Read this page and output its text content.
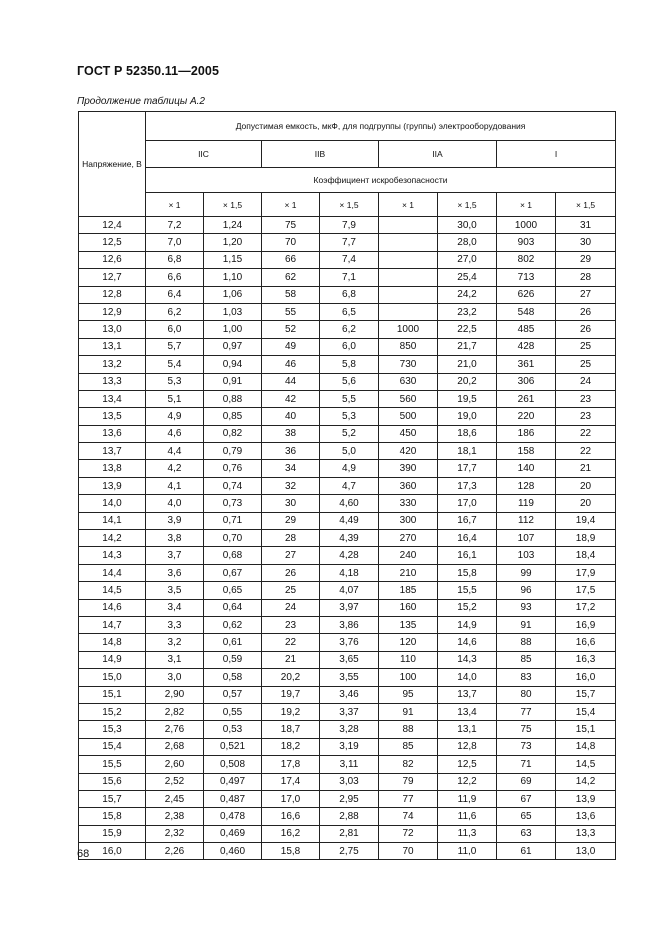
ГОСТ Р 52350.11—2005
Продолжение таблицы А.2
Напряжение, В	Допустимая емкость, мкФ, для подгруппы (группы) электрооборудования							
	IIC		IIB		IIA		I	
	Коэффициент искробезопасности							
	× 1	× 1,5	× 1	× 1,5	× 1	× 1,5	× 1	× 1,5
12,4	7,2	1,24	75	7,9		30,0	1000	31
12,5	7,0	1,20	70	7,7		28,0	903	30
12,6	6,8	1,15	66	7,4		27,0	802	29
12,7	6,6	1,10	62	7,1		25,4	713	28
12,8	6,4	1,06	58	6,8		24,2	626	27
12,9	6,2	1,03	55	6,5		23,2	548	26
13,0	6,0	1,00	52	6,2	1000	22,5	485	26
13,1	5,7	0,97	49	6,0	850	21,7	428	25
13,2	5,4	0,94	46	5,8	730	21,0	361	25
13,3	5,3	0,91	44	5,6	630	20,2	306	24
13,4	5,1	0,88	42	5,5	560	19,5	261	23
13,5	4,9	0,85	40	5,3	500	19,0	220	23
13,6	4,6	0,82	38	5,2	450	18,6	186	22
13,7	4,4	0,79	36	5,0	420	18,1	158	22
13,8	4,2	0,76	34	4,9	390	17,7	140	21
13,9	4,1	0,74	32	4,7	360	17,3	128	20
14,0	4,0	0,73	30	4,60	330	17,0	119	20
14,1	3,9	0,71	29	4,49	300	16,7	112	19,4
14,2	3,8	0,70	28	4,39	270	16,4	107	18,9
14,3	3,7	0,68	27	4,28	240	16,1	103	18,4
14,4	3,6	0,67	26	4,18	210	15,8	99	17,9
14,5	3,5	0,65	25	4,07	185	15,5	96	17,5
14,6	3,4	0,64	24	3,97	160	15,2	93	17,2
14,7	3,3	0,62	23	3,86	135	14,9	91	16,9
14,8	3,2	0,61	22	3,76	120	14,6	88	16,6
14,9	3,1	0,59	21	3,65	110	14,3	85	16,3
15,0	3,0	0,58	20,2	3,55	100	14,0	83	16,0
15,1	2,90	0,57	19,7	3,46	95	13,7	80	15,7
15,2	2,82	0,55	19,2	3,37	91	13,4	77	15,4
15,3	2,76	0,53	18,7	3,28	88	13,1	75	15,1
15,4	2,68	0,521	18,2	3,19	85	12,8	73	14,8
15,5	2,60	0,508	17,8	3,11	82	12,5	71	14,5
15,6	2,52	0,497	17,4	3,03	79	12,2	69	14,2
15,7	2,45	0,487	17,0	2,95	77	11,9	67	13,9
15,8	2,38	0,478	16,6	2,88	74	11,6	65	13,6
15,9	2,32	0,469	16,2	2,81	72	11,3	63	13,3
16,0	2,26	0,460	15,8	2,75	70	11,0	61	13,0
68
